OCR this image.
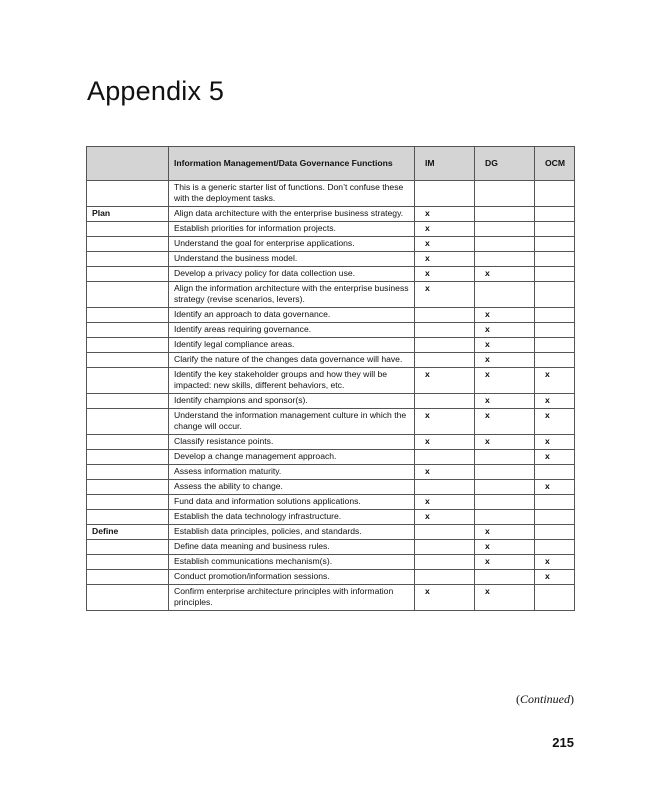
Appendix 5
	Information Management/Data Governance Functions	IM	DG	OCM
	This is a generic starter list of functions. Don’t confuse these with the deployment tasks.			
Plan	Align data architecture with the enterprise business strategy.	x		
	Establish priorities for information projects.	x		
	Understand the goal for enterprise applications.	x		
	Understand the business model.	x		
	Develop a privacy policy for data collection use.	x	x	
	Align the information architecture with the enterprise business strategy (revise scenarios, levers).	x		
	Identify an approach to data governance.		x	
	Identify areas requiring governance.		x	
	Identify legal compliance areas.		x	
	Clarify the nature of the changes data governance will have.		x	
	Identify the key stakeholder groups and how they will be impacted: new skills, different behaviors, etc.	x	x	x
	Identify champions and sponsor(s).		x	x
	Understand the information management culture in which the change will occur.	x	x	x
	Classify resistance points.	x	x	x
	Develop a change management approach.			x
	Assess information maturity.	x		
	Assess the ability to change.			x
	Fund data and information solutions applications.	x		
	Establish the data technology infrastructure.	x		
Define	Establish data principles, policies, and standards.		x	
	Define data meaning and business rules.		x	
	Establish communications mechanism(s).		x	x
	Conduct promotion/information sessions.			x
	Confirm enterprise architecture principles with information principles.	x	x	
(Continued)
215
